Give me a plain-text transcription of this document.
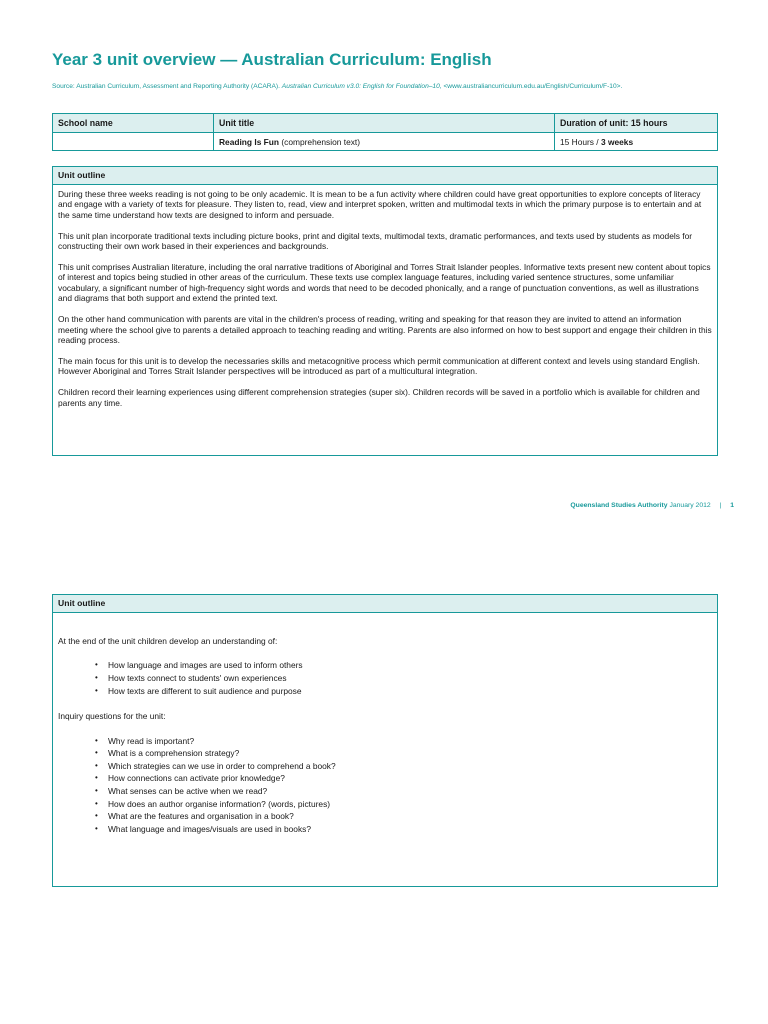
Year 3 unit overview — Australian Curriculum: English
Source: Australian Curriculum, Assessment and Reporting Authority (ACARA). Australian Curriculum v3.0: English for Foundation–10, <www.australiancurriculum.edu.au/English/Curriculum/F-10>.
School name	Unit title	Duration of unit: 15 hours
	Reading Is Fun (comprehension text)	15 Hours / 3 weeks
Unit outline

During these three weeks reading is not going to be only academic. It is mean to be a fun activity where children could have great opportunities to explore concepts of literacy and engage with a variety of texts for pleasure. They listen to, read, view and interpret spoken, written and multimodal texts in which the primary purpose is to entertain and at the same time understand how texts are designed to inform and persuade.

This unit plan incorporate traditional texts including picture books, print and digital texts, multimodal texts, dramatic performances, and texts used by students as models for constructing their own work based in their experiences and backgrounds.

This unit comprises Australian literature, including the oral narrative traditions of Aboriginal and Torres Strait Islander peoples. Informative texts present new content about topics of interest and topics being studied in other areas of the curriculum. These texts use complex language features, including varied sentence structures, some unfamiliar vocabulary, a significant number of high-frequency sight words and words that need to be decoded phonically, and a range of punctuation conventions, as well as illustrations and diagrams that both support and extend the printed text.

On the other hand communication with parents are vital in the children's process of reading, writing and speaking for that reason they are invited to attend an information meeting where the school give to parents a detailed approach to teaching reading and writing. Parents are also informed on how to best support and engage their children in this reading process.

The main focus for this unit is to develop the necessaries skills and metacognitive process which permit communication at different context and levels using standard English. However Aboriginal and Torres Strait Islander perspectives will be introduced as part of a multicultural integration.

Children record their learning experiences using different comprehension strategies (super six). Children records will be saved in a portfolio which is available for children and parents any time.

Queensland Studies Authority January 2012 | 1
Unit outline

At the end of the unit children develop an understanding of:

• How language and images are used to inform others
• How texts connect to students' own experiences
• How texts are different to suit audience and purpose

Inquiry questions for the unit:

• Why read is important?
• What is a comprehension strategy?
• Which strategies can we use in order to comprehend a book?
• How connections can activate prior knowledge?
• What senses can be active when we read?
• How does an author organise information? (words, pictures)
• What are the features and organisation in a book?
• What language and images/visuals are used in books?
